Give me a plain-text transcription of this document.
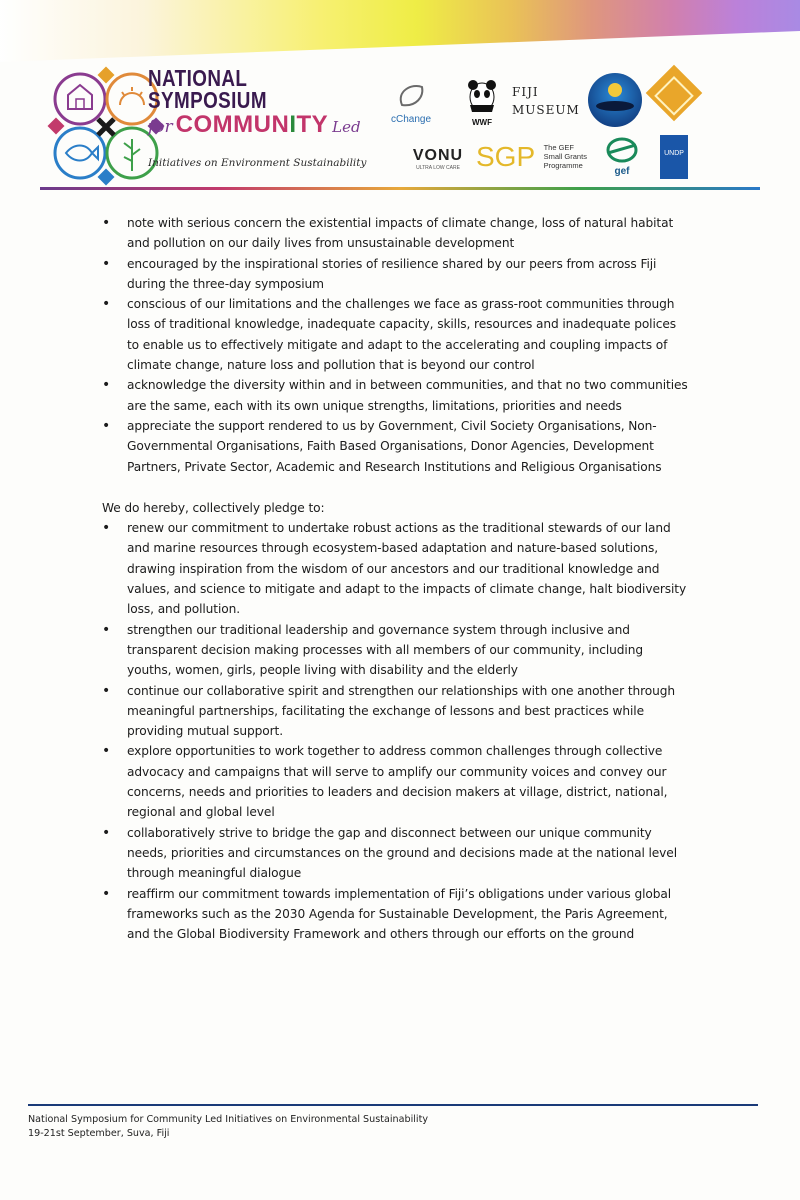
NATIONAL
SYMPOSIUM
for COMMUNITY Led
Initiatives on Environment Sustainability
cChange	WWF
FIJI MUSEUM
VONU
ULTRA LOW CARE SGP The GEF
Small Grants
Programme
gef
UNDP
• note with serious concern the existential impacts of climate change, loss of natural habitat and pollution on our daily lives from unsustainable development
• encouraged by the inspirational stories of resilience shared by our peers from across Fiji during the three-day symposium
• conscious of our limitations and the challenges we face as grass-root communities through loss of traditional knowledge, inadequate capacity, skills, resources and inadequate polices to enable us to effectively mitigate and adapt to the accelerating and coupling impacts of climate change, nature loss and pollution that is beyond our control
• acknowledge the diversity within and in between communities, and that no two communities are the same, each with its own unique strengths, limitations, priorities and needs
• appreciate the support rendered to us by Government, Civil Society Organisations, Non-Governmental Organisations, Faith Based Organisations, Donor Agencies, Development Partners, Private Sector, Academic and Research Institutions and Religious Organisations
We do hereby, collectively pledge to:
• renew our commitment to undertake robust actions as the traditional stewards of our land and marine resources through ecosystem-based adaptation and nature-based solutions, drawing inspiration from the wisdom of our ancestors and our traditional knowledge and values, and science to mitigate and adapt to the impacts of climate change, halt biodiversity loss, and pollution.
• strengthen our traditional leadership and governance system through inclusive and transparent decision making processes with all members of our community, including youths, women, girls, people living with disability and the elderly
• continue our collaborative spirit and strengthen our relationships with one another through meaningful partnerships, facilitating the exchange of lessons and best practices while providing mutual support.
• explore opportunities to work together to address common challenges through collective advocacy and campaigns that will serve to amplify our community voices and convey our concerns, needs and priorities to leaders and decision makers at village, district, national, regional and global level
• collaboratively strive to bridge the gap and disconnect between our unique community needs, priorities and circumstances on the ground and decisions made at the national level through meaningful dialogue
• reaffirm our commitment towards implementation of Fiji’s obligations under various global frameworks such as the 2030 Agenda for Sustainable Development, the Paris Agreement, and the Global Biodiversity Framework and others through our efforts on the ground
National Symposium for Community Led Initiatives on Environmental Sustainability
19-21st September, Suva, Fiji
